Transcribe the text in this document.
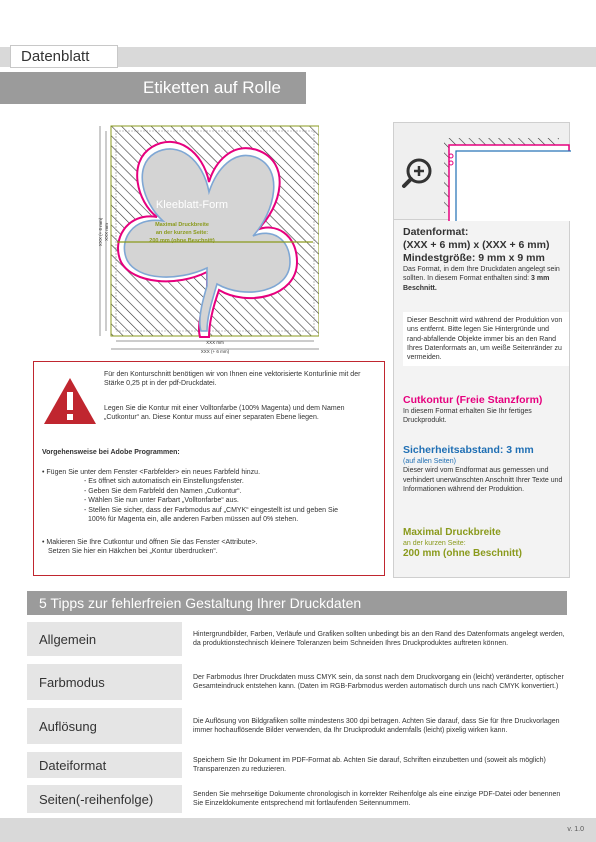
Datenblatt
Etiketten auf Rolle
Kleeblatt-Form
Maximal Druckbreite
an der kurzen Seite:
200 mm (ohne Beschnitt)
XXX mm
XXX (+ 6 mm)
XXX mm
XXX (+ 6 mm)	Datenformat:
(XXX + 6 mm) x (XXX + 6 mm)
Mindestgröße: 9 mm x 9 mm
Das Format, in dem Ihre Druckdaten angelegt sein sollten. In diesem Format enthalten sind: 3 mm Beschnitt.
Dieser Beschnitt wird während der Produktion von uns entfernt. Bitte legen Sie Hintergründe und rand-abfallende Objekte immer bis an den Rand Ihres Datenformats an, um weiße Seitenränder zu vermeiden.
Cutkontur (Freie Stanzform)
In diesem Format erhalten Sie Ihr fertiges Druckprodukt.
Sicherheitsabstand: 3 mm
(auf allen Seiten)
Dieser wird vom Endformat aus gemessen und verhindert unerwünschten Anschnitt Ihrer Texte und Informationen während der Produktion.
Maximal Druckbreite
an der kurzen Seite:
200 mm (ohne Beschnitt)
Für den Konturschnitt benötigen wir von Ihnen eine vektorisierte Konturlinie mit der Stärke 0,25 pt in der pdf-Druckdatei.
Legen Sie die Kontur mit einer Volltonfarbe (100% Magenta) und dem Namen „Cutkontur“ an. Diese Kontur muss auf einer separaten Ebene liegen.
Vorgehensweise bei Adobe Programmen:
• Fügen Sie unter dem Fenster <Farbfelder> ein neues Farbfeld hinzu.
- Es öffnet sich automatisch ein Einstellungsfenster.
- Geben Sie dem Farbfeld den Namen „Cutkontur“.
- Wählen Sie nun unter Farbart „Volltonfarbe“ aus.
- Stellen Sie sicher, dass der Farbmodus auf „CMYK“ eingestellt ist und geben Sie
100% für Magenta ein, alle anderen Farben müssen auf 0% stehen.
• Makieren Sie Ihre Cutkontur und öffnen Sie das Fenster <Attribute>.
Setzen Sie hier ein Häkchen bei „Kontur überdrucken“.
5 Tipps zur fehlerfreien Gestaltung Ihrer Druckdaten
Allgemein	Hintergrundbilder, Farben, Verläufe und Grafiken sollten unbedingt bis an den Rand des Datenformats angelegt werden, da produktionstechnisch kleinere Toleranzen beim Schneiden Ihres Druckproduktes auftreten können.
Farbmodus	Der Farbmodus Ihrer Druckdaten muss CMYK sein, da sonst nach dem Druckvorgang ein (leicht) veränderter, optischer Gesamteindruck entstehen kann. (Daten im RGB-Farbmodus werden automatisch durch uns nach CMYK konvertiert.)
Auflösung	Die Auflösung von Bildgrafiken sollte mindestens 300 dpi betragen. Achten Sie darauf, dass Sie für Ihre Druckvorlagen immer hochauflösende Bilder verwenden, da Ihr Druckprodukt andernfalls (leicht) pixelig wirken kann.
Dateiformat	Speichern Sie Ihr Dokument im PDF-Format ab. Achten Sie darauf, Schriften einzubetten und (soweit als möglich) Transparenzen zu reduzieren.
Seiten(-reihenfolge)	Senden Sie mehrseitige Dokumente chronologisch in korrekter Reihenfolge als eine einzige PDF-Datei oder benennen Sie Einzeldokumente entsprechend mit fortlaufenden Seitennummern.
v. 1.0
